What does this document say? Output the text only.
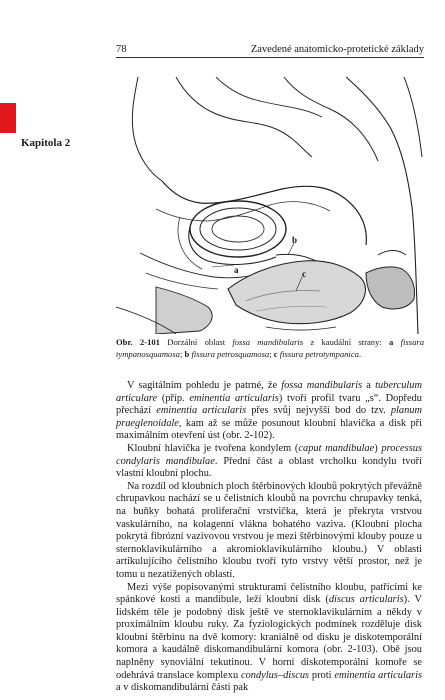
78	Zavedené anatomicko-protetické základy
Kapitola 2
a
b
c
Obr. 2-101 Dorzální oblast fossa mandibularis z kaudální strany: a fissura tympanosquamosa; b fissura petrosquamosa; c fissura petrotympanica.

V sagitálním pohledu je patrné, že fossa mandibularis a tuberculum articulare (příp. eminentia articularis) tvoří profil tvaru „s“. Dopředu přechází eminentia articularis přes svůj nejvyšší bod do tzv. planum praeglenoidale, kam až se může posunout kloubní hlavička a disk při maximálním otevření úst (obr. 2-102).

Kloubní hlavička je tvořena kondylem (caput mandibulae) processus condylaris mandibulae. Přední část a oblast vrcholku kondylu tvoří vlastní kloubní plochu.

Na rozdíl od kloubních ploch štěrbinových kloubů pokrytých převážně chrupavkou nachází se u čelistních kloubů na povrchu chrupavky tenká, na buňky bohatá proliferační vrstvička, která je překryta vrstvou vaskulárního, na kolagenní vlákna bohatého vaziva. (Kloubní plocha pokrytá fibrózní vazivovou vrstvou je mezi štěrbinovými klouby pouze u sternoklavikulárního a akromioklavikulárního kloubu.) V oblasti artikulujícího čelistního kloubu tvoří tyto vrstvy větší prostor, než je tomu u nezatížených oblastí.

Mezi výše popisovanými strukturami čelistního kloubu, patřícími ke spánkové kosti a mandibule, leží kloubní disk (discus articularis). V lidském těle je podobný disk ještě ve sternoklavikulárním a někdy v proximálním kloubu ruky. Za fyziologických podmínek rozděluje disk kloubní štěrbinu na dvě komory: kraniálně od disku je diskotemporální komora a kaudálně diskomandibulární komora (obr. 2-103). Obě jsou naplněny synoviální tekutinou. V horní diskotemporální komoře se odehrává translace komplexu condylus–discus proti eminentia articularis a v diskomandibulární části pak
